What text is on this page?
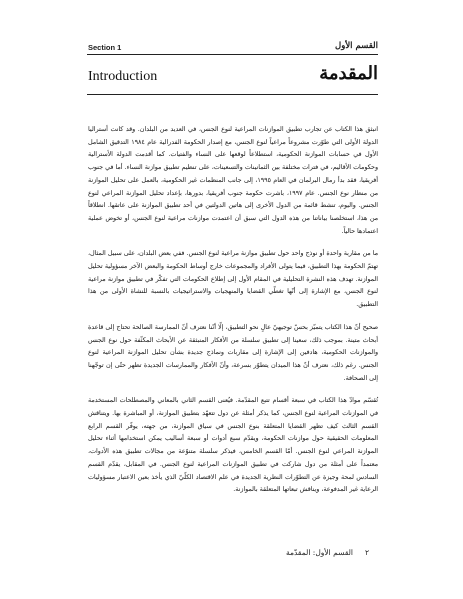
Section 1	القسم الأول
Introduction	المقدمة

انبثق هذا الكتاب عن تجارب تطبيق الموازنات المراعية لنوع الجنس، في العديد من البلدان. وقد كانت أستراليا الدولة الأولى التي طوّرت مشروعاً مراعياً لنوع الجنس، مع إصدار الحكومة الفدرالية عام ١٩٨٤ التدقيق الشامل الأول في حسابات الموازنة الحكومية، استطلاعاً لوقعها على النساء والفتيات. كما أقدمت الدولة الأسترالية وحكومات الأقاليم، في فترات مختلفة بين الثمانينات والتسعينات، على تنظيم تطبيق موازنة النساء. أما في جنوب أفريقيا، فقد بدأ رمال البرلمان في العام ١٩٩٥، إلى جانب المنظمات غير الحكومية، بالعمل على تحليل الموازنة من منظار نوع الجنس. عام ١٩٩٧، باشرت حكومة جنوب أفريقيا، بدورها، بإعداد تحليل الموازنة المراعي لنوع الجنس. واليوم، تنشط قائمة من الدول الأخرى إلى هاتين الدولتين في أحد تطبيق الموازنة على عاتقها. انطلاقاً من هذا، استخلصنا بياناتنا من هذه الدول التي سبق أن اعتمدت موازنات مراعية لنوع الجنس، أو تخوض عملية اعتمادها حالياً.

ما من مقاربة واحدة أو نوذج واحد حول تطبيق موازنة مراعية لنوع الجنس. ففي بعض البلدان، على سبيل المثال، تهتمّ الحكومة بهذا التطبيق، فيما يتولى الأفراد والمجموعات خارج أوساط الحكومة والبعض الآخر مسؤولية تحليل الموازنة. تهدف هذه النشرة التحليلية في المقام الأول إلى إطلاع الحكومات التي تفكّر في تطبيق موازنة مراعية لنوع الجنس، مع الإشارة إلى أنّها تغطّي القضايا والمنهجيات والاستراتيجيات بالنسبة للنشاة الأولى من هذا التطبيق.

صحيح أنّ هذا الكتاب يتميّز بحسّ توجيهيّ عالٍ نحو التطبيق، إلّا أنّنا نعترف أنّ الممارسة الصالحة تحتاج إلى قاعدة أبحاث متينة. بموجب ذلك، سعينا إلى تطبيق سلسلة من الأفكار المنبثقة عن الأبحاث المكثّفة حول نوع الجنس والموازنات الحكومية، هادفين إلى الإشارة إلى مقاربات ونماذج جديدة بشأن تحليل الموازنة المراعية لنوع الجنس. رغم ذلك، نعترف أنّ هذا الميدان يتطوّر بسرعة، وأنّ الأفكار والممارسات الجديدة تظهر حتّى إن توجّهنا إلى الصحافة.

تُقسّم موادّ هذا الكتاب في سبعة أقسام تتبع المقدّمة. فيُعنى القسم الثاني بالمعاني والمصطلحات المستخدمة في الموازنات المراعية لنوع الجنس، كما يذكر أمثلة عن دول تتعهّد بتطبيق الموازنة، أو المباشرة بها. ويتناقش القسم الثالث كيف تظهر القضايا المتعلقة بنوع الجنس في سياق الموازنة، من جهته، يوفّر القسم الرابع المعلومات الحقيقية حول موازنات الحكومة، ويقدّم سبع أدوات أو سبعة أساليب يمكن استخدامها أثناء تحليل الموازنة المراعي لنوع الجنس. أمّا القسم الخامس، فيذكر سلسلة متنوّعة من مجالات تطبيق هذه الأدوات، معتمداً على أمثلة من دول شاركت في تطبيق الموازنات المراعية لنوع الجنس. في المقابل، يقدّم القسم السادس لمحة وجيزة عن التطوّرات النظرية الجديدة في علم الاقتصاد الكلّيّ الذي يأخذ بعين الاعتبار مسؤوليات الرعاية غير المدفوعة، ويناقش تبعاتها المتعلقة بالموازنة.

القسم الأول: المقدّمة ٢
